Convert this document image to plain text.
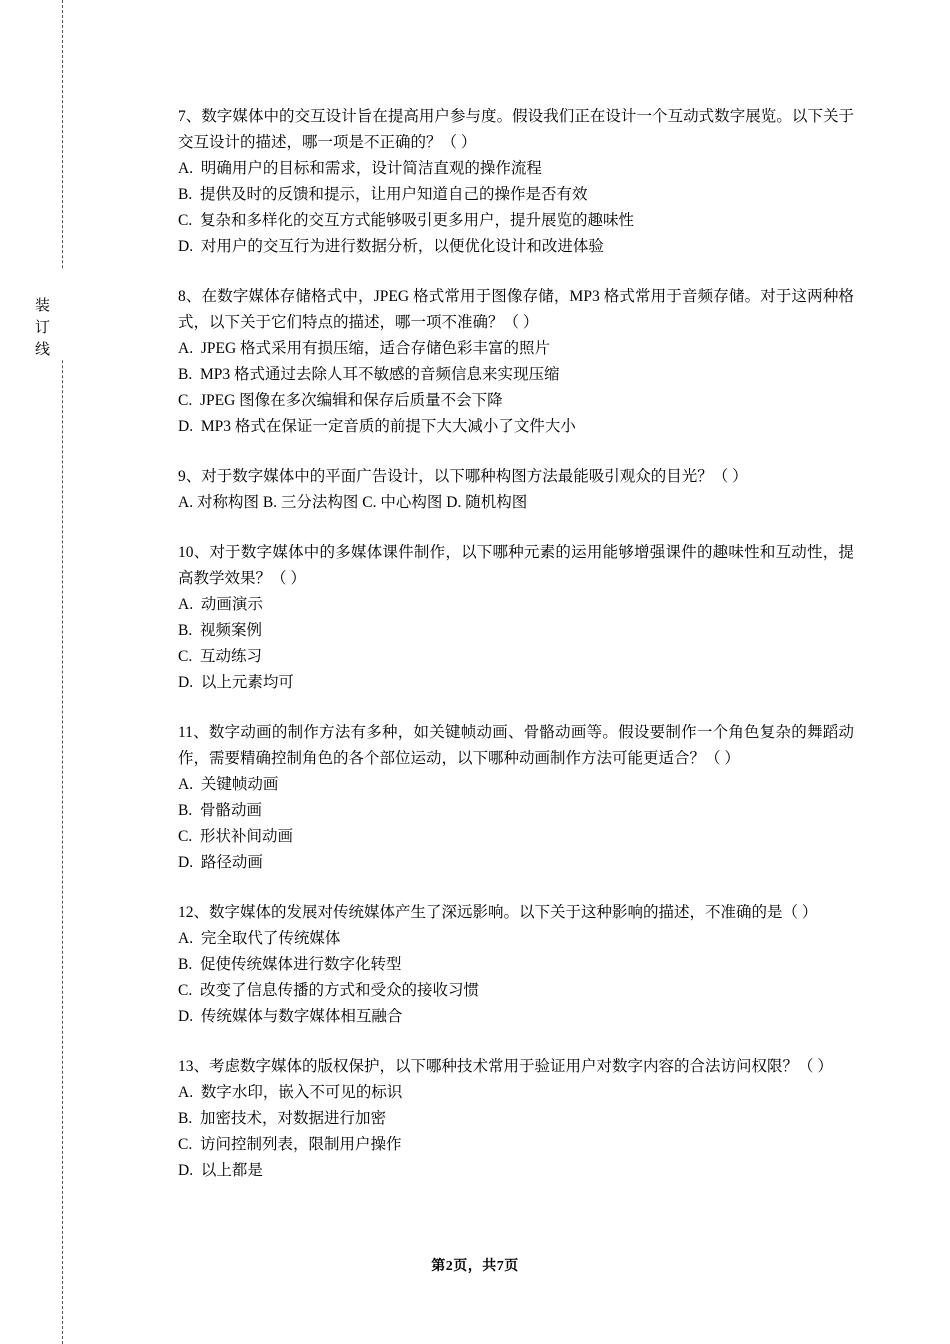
装
订
线
7、数字媒体中的交互设计旨在提高用户参与度。假设我们正在设计一个互动式数字展览。以下关于交互设计的描述，哪一项是不正确的？（ ）
A.  明确用户的目标和需求，设计简洁直观的操作流程
B.  提供及时的反馈和提示，让用户知道自己的操作是否有效
C.  复杂和多样化的交互方式能够吸引更多用户，提升展览的趣味性
D.  对用户的交互行为进行数据分析，以便优化设计和改进体验
8、在数字媒体存储格式中，JPEG 格式常用于图像存储，MP3 格式常用于音频存储。对于这两种格式，以下关于它们特点的描述，哪一项不准确？（ ）
A.  JPEG 格式采用有损压缩，适合存储色彩丰富的照片
B.  MP3 格式通过去除人耳不敏感的音频信息来实现压缩
C.  JPEG 图像在多次编辑和保存后质量不会下降
D.  MP3 格式在保证一定音质的前提下大大减小了文件大小
9、对于数字媒体中的平面广告设计，以下哪种构图方法最能吸引观众的目光？（ ）
A. 对称构图 B. 三分法构图 C. 中心构图 D. 随机构图
10、对于数字媒体中的多媒体课件制作，以下哪种元素的运用能够增强课件的趣味性和互动性，提高教学效果？（ ）
A.  动画演示
B.  视频案例
C.  互动练习
D.  以上元素均可
11、数字动画的制作方法有多种，如关键帧动画、骨骼动画等。假设要制作一个角色复杂的舞蹈动作，需要精确控制角色的各个部位运动，以下哪种动画制作方法可能更适合？（ ）
A.  关键帧动画
B.  骨骼动画
C.  形状补间动画
D.  路径动画
12、数字媒体的发展对传统媒体产生了深远影响。以下关于这种影响的描述，不准确的是（ ）
A.  完全取代了传统媒体
B.  促使传统媒体进行数字化转型
C.  改变了信息传播的方式和受众的接收习惯
D.  传统媒体与数字媒体相互融合
13、考虑数字媒体的版权保护，以下哪种技术常用于验证用户对数字内容的合法访问权限？（ ）
A.  数字水印，嵌入不可见的标识
B.  加密技术，对数据进行加密
C.  访问控制列表，限制用户操作
D.  以上都是
第2页，共7页
